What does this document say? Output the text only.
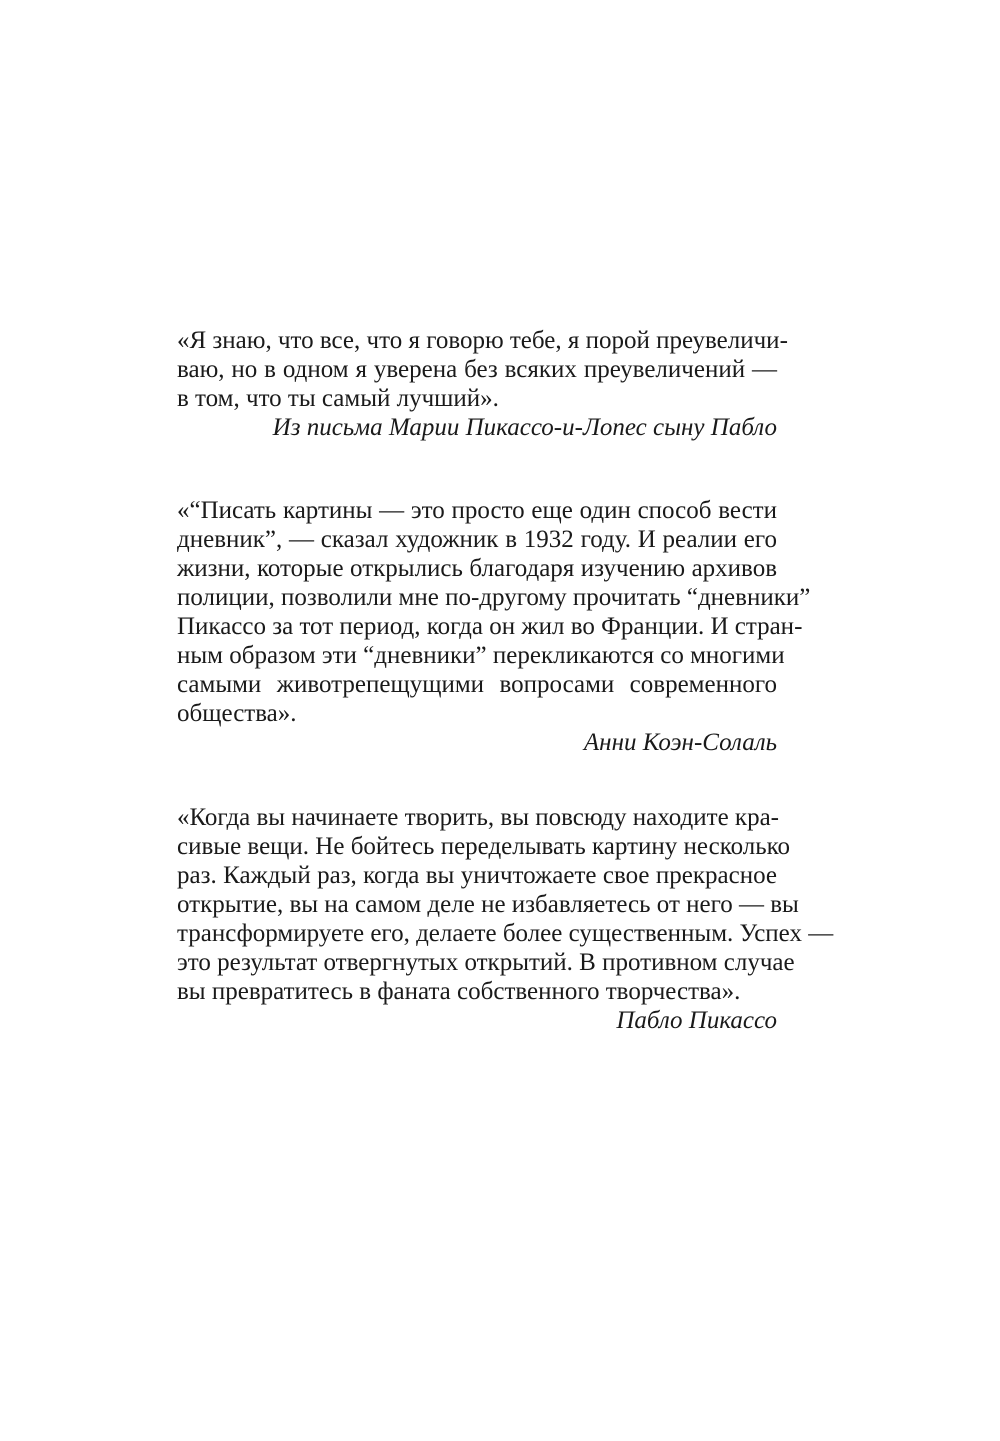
«Я знаю, что все, что я говорю тебе, я порой преувеличи-
ваю, но в одном я уверена без всяких преувеличений —
в том, что ты самый лучший».
Из письма Марии Пикассо-и-Лопес сыну Пабло
«“Писать картины — это просто еще один способ вести
дневник”, — сказал художник в 1932 году. И реалии его
жизни, которые открылись благодаря изучению архивов
полиции, позволили мне по-другому прочитать “дневники”
Пикассо за тот период, когда он жил во Франции. И стран-
ным образом эти “дневники” перекликаются со многими
самыми животрепещущими вопросами современного
общества».
Анни Коэн-Солаль
«Когда вы начинаете творить, вы повсюду находите кра-
сивые вещи. Не бойтесь переделывать картину несколько
раз. Каждый раз, когда вы уничтожаете свое прекрасное
открытие, вы на самом деле не избавляетесь от него — вы
трансформируете его, делаете более существенным. Успех —
это результат отвергнутых открытий. В противном случае
вы превратитесь в фаната собственного творчества».
Пабло Пикассо
